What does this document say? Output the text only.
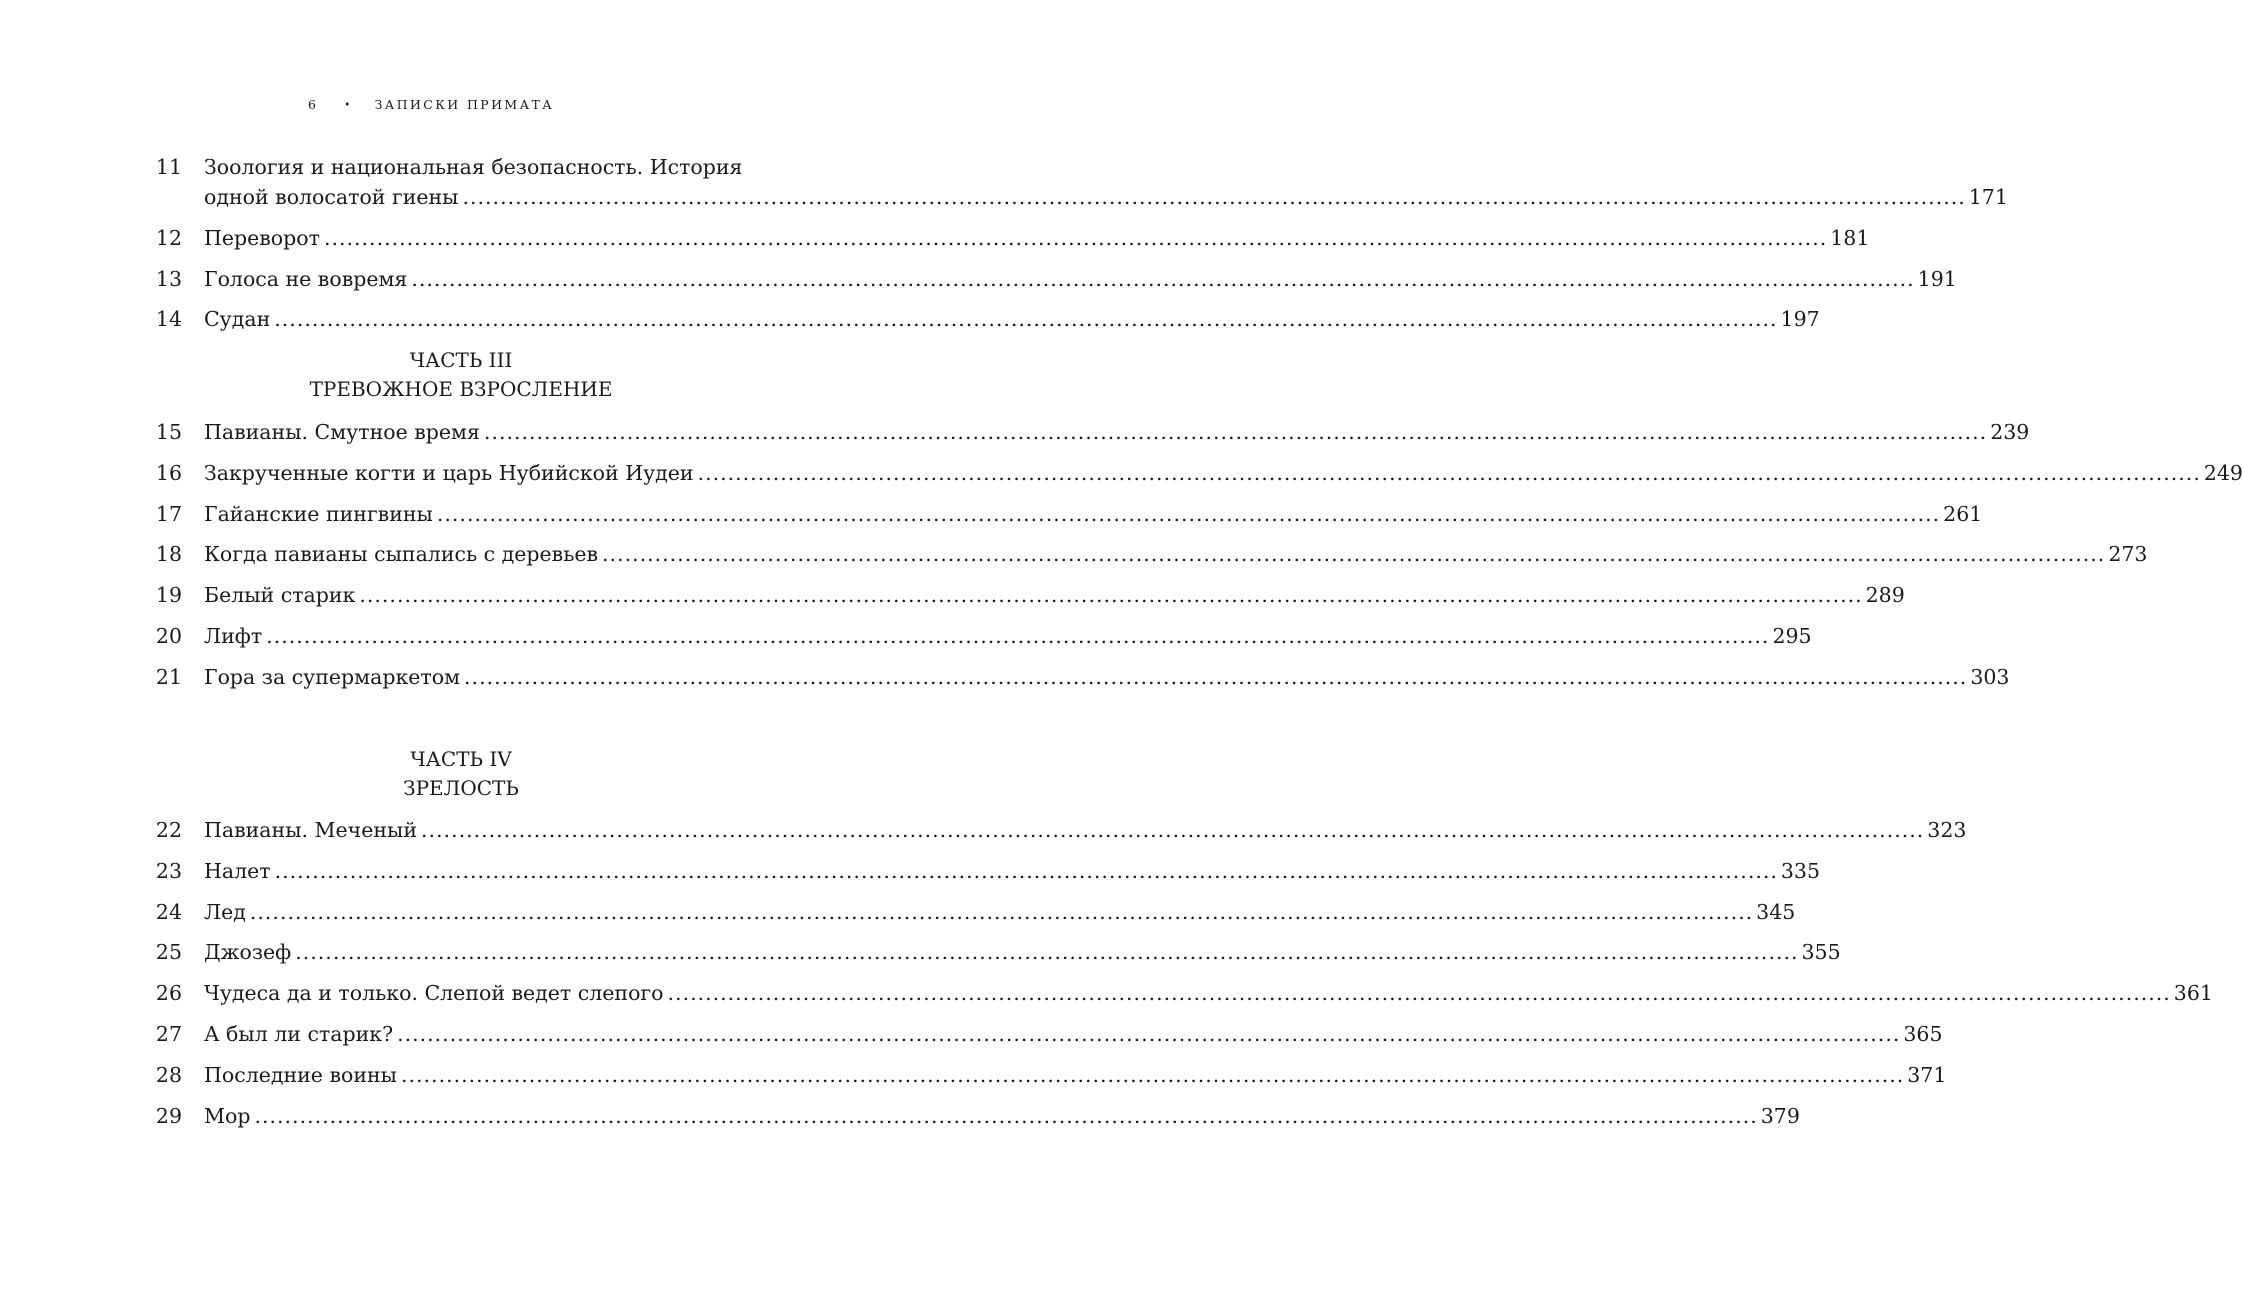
6	• ЗАПИСКИ ПРИМАТА
11 Зоология и национальная безопасность. История
одной волосатой гиены ........................................................................................................................................................................................................ 171
12 Переворот ........................................................................................................................................................................................................ 181
13 Голоса не вовремя ........................................................................................................................................................................................................ 191
14 Судан ........................................................................................................................................................................................................ 197

ЧАСТЬ III

ТРЕВОЖНОЕ ВЗРОСЛЕНИЕ

15 Павианы. Смутное время ........................................................................................................................................................................................................ 239
16 Закрученные когти и царь Нубийской Иудеи ........................................................................................................................................................................................................ 249
17 Гайанские пингвины ........................................................................................................................................................................................................ 261
18 Когда павианы сыпались с деревьев ........................................................................................................................................................................................................ 273
19 Белый старик ........................................................................................................................................................................................................ 289
20 Лифт ........................................................................................................................................................................................................ 295
21 Гора за супермаркетом ........................................................................................................................................................................................................ 303

ЧАСТЬ IV

ЗРЕЛОСТЬ

22 Павианы. Меченый ........................................................................................................................................................................................................ 323
23 Налет ........................................................................................................................................................................................................ 335
24 Лед ........................................................................................................................................................................................................ 345
25 Джозеф ........................................................................................................................................................................................................ 355
26 Чудеса да и только. Слепой ведет слепого ........................................................................................................................................................................................................ 361
27 А был ли старик? ........................................................................................................................................................................................................ 365
28 Последние воины ........................................................................................................................................................................................................ 371
29 Мор ........................................................................................................................................................................................................ 379
